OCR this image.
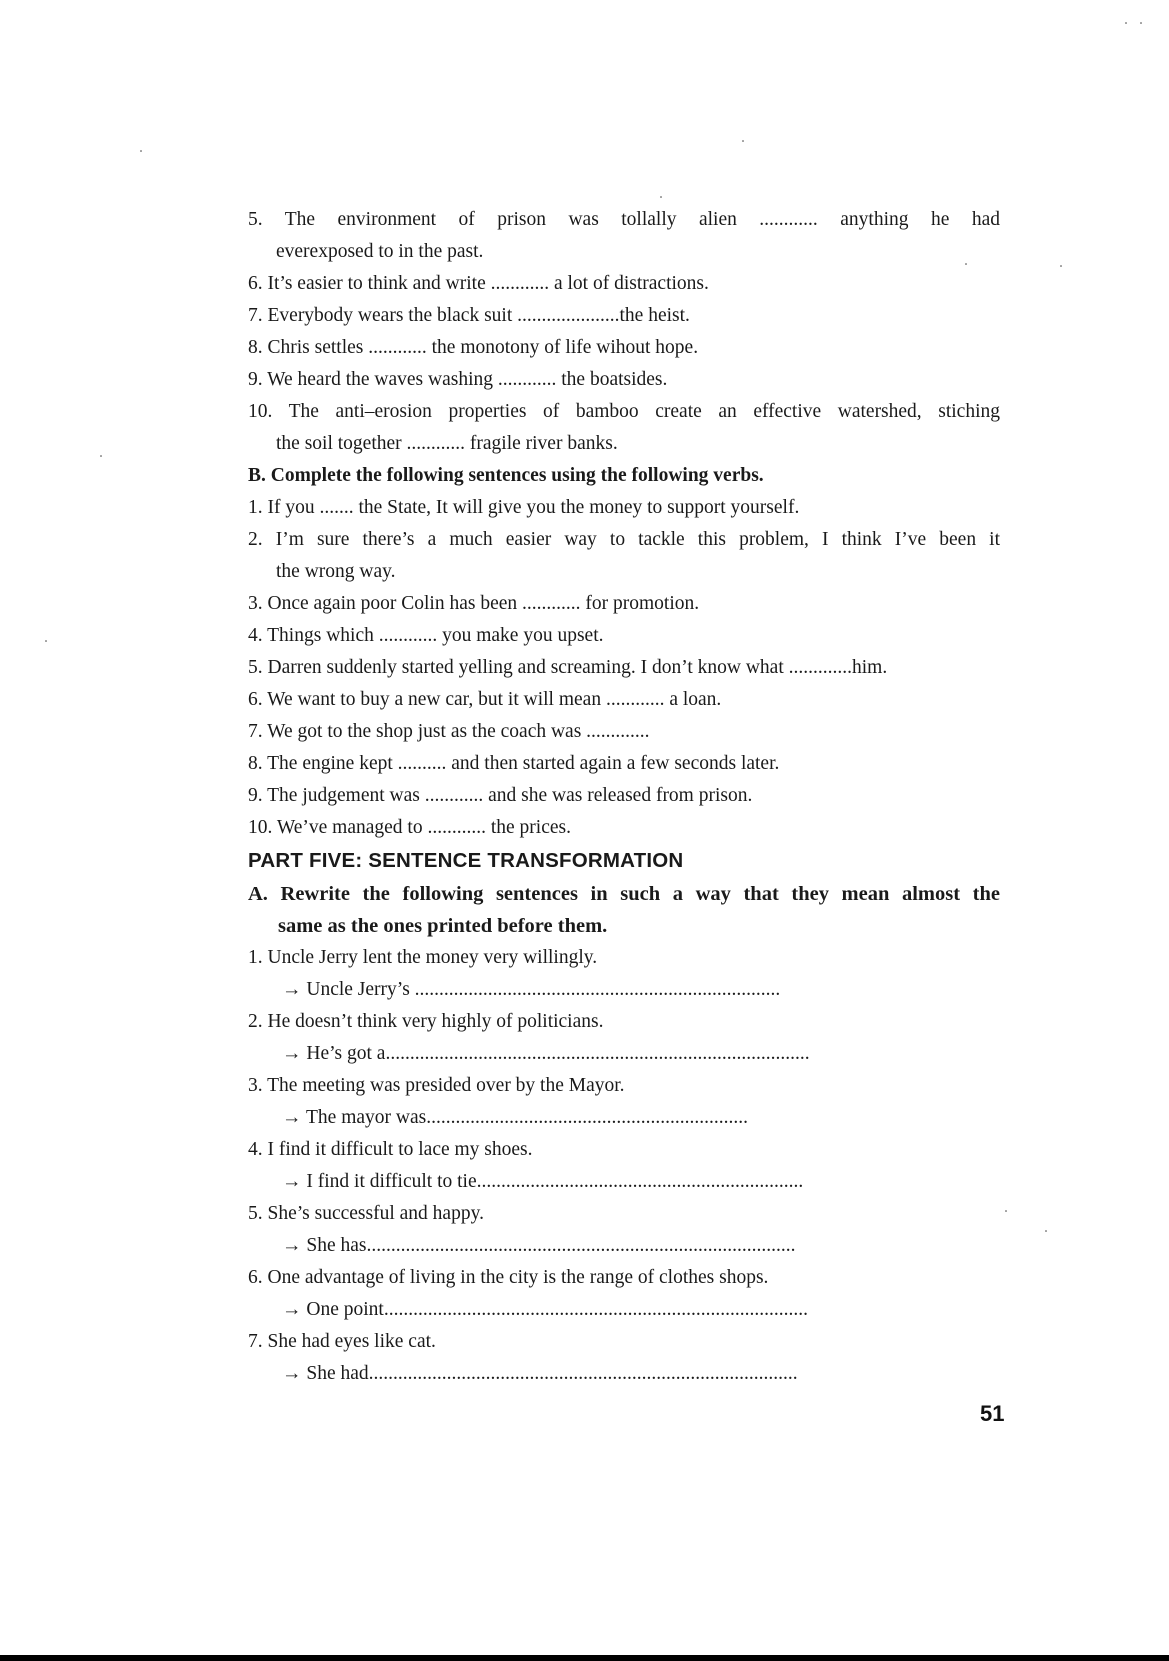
5. The environment of prison was tollally alien ............ anything he had
everexposed to in the past.
6. It’s easier to think and write ............ a lot of distractions.
7. Everybody wears the black suit .....................the heist.
8. Chris settles ............ the monotony of life wihout hope.
9. We heard the waves washing ............ the boatsides.
10. The anti–erosion properties of bamboo create an effective watershed, stiching
the soil together ............ fragile river banks.
B. Complete the following sentences using the following verbs.
1. If you ....... the State, It will give you the money to support yourself.
2. I’m sure there’s a much easier way to tackle this problem, I think I’ve been it
the wrong way.
3. Once again poor Colin has been ............ for promotion.
4. Things which ............ you make you upset.
5. Darren suddenly started yelling and screaming. I don’t know what .............him.
6. We want to buy a new car, but it will mean ............ a loan.
7. We got to the shop just as the coach was .............
8. The engine kept .......... and then started again a few seconds later.
9. The judgement was ............ and she was released from prison.
10. We’ve managed to ............ the prices.
PART FIVE: SENTENCE TRANSFORMATION
A. Rewrite the following sentences in such a way that they mean almost the
same as the ones printed before them.
1. Uncle Jerry lent the money very willingly.
→ Uncle Jerry’s ...........................................................................
2. He doesn’t think very highly of politicians.
→ He’s got a.......................................................................................
3. The meeting was presided over by the Mayor.
→ The mayor was..................................................................
4. I find it difficult to lace my shoes.
→ I find it difficult to tie...................................................................
5. She’s successful and happy.
→ She has........................................................................................
6. One advantage of living in the city is the range of clothes shops.
→ One point.......................................................................................
7. She had eyes like cat.
→ She had........................................................................................
51
